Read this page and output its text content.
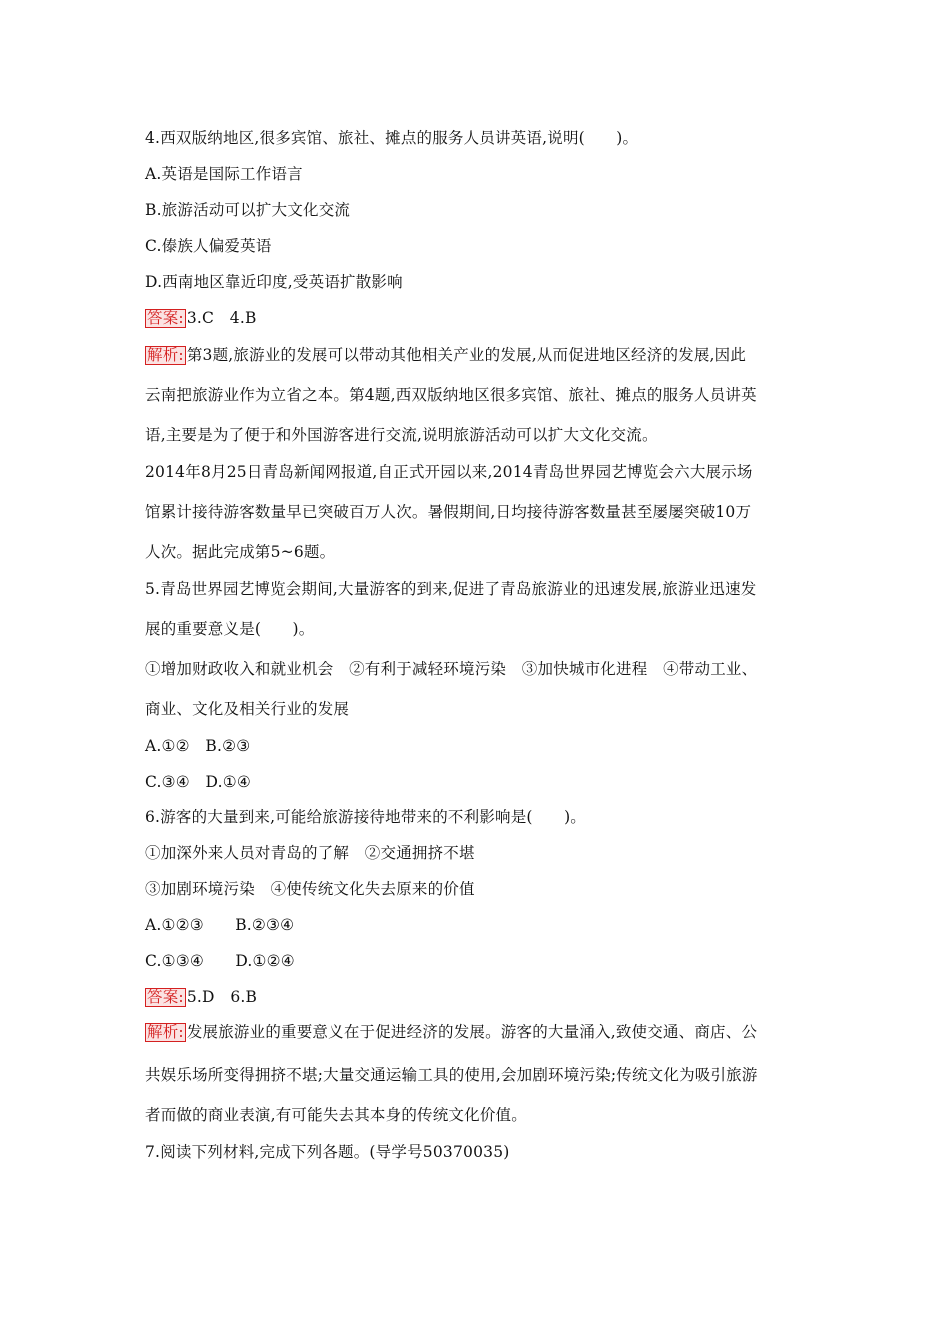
4.西双版纳地区,很多宾馆、旅社、摊点的服务人员讲英语,说明(　　)。
A.英语是国际工作语言
B.旅游活动可以扩大文化交流
C.傣族人偏爱英语
D.西南地区靠近印度,受英语扩散影响
答案: 3.C　4.B
解析: 第3题,旅游业的发展可以带动其他相关产业的发展,从而促进地区经济的发展,因此
云南把旅游业作为立省之本。第4题,西双版纳地区很多宾馆、旅社、摊点的服务人员讲英
语,主要是为了便于和外国游客进行交流,说明旅游活动可以扩大文化交流。
2014年8月25日青岛新闻网报道,自正式开园以来,2014青岛世界园艺博览会六大展示场
馆累计接待游客数量早已突破百万人次。暑假期间,日均接待游客数量甚至屡屡突破10万
人次。据此完成第5~6题。
5.青岛世界园艺博览会期间,大量游客的到来,促进了青岛旅游业的迅速发展,旅游业迅速发
展的重要意义是(　　)。
①增加财政收入和就业机会　②有利于减轻环境污染　③加快城市化进程　④带动工业、
商业、文化及相关行业的发展
A.①②　B.②③
C.③④　D.①④
6.游客的大量到来,可能给旅游接待地带来的不利影响是(　　)。
①加深外来人员对青岛的了解　②交通拥挤不堪
③加剧环境污染　④使传统文化失去原来的价值
A.①②③　　B.②③④
C.①③④　　D.①②④
答案: 5.D　6.B
解析: 发展旅游业的重要意义在于促进经济的发展。游客的大量涌入,致使交通、商店、公
共娱乐场所变得拥挤不堪;大量交通运输工具的使用,会加剧环境污染;传统文化为吸引旅游
者而做的商业表演,有可能失去其本身的传统文化价值。
7.阅读下列材料,完成下列各题。(导学号50370035)
